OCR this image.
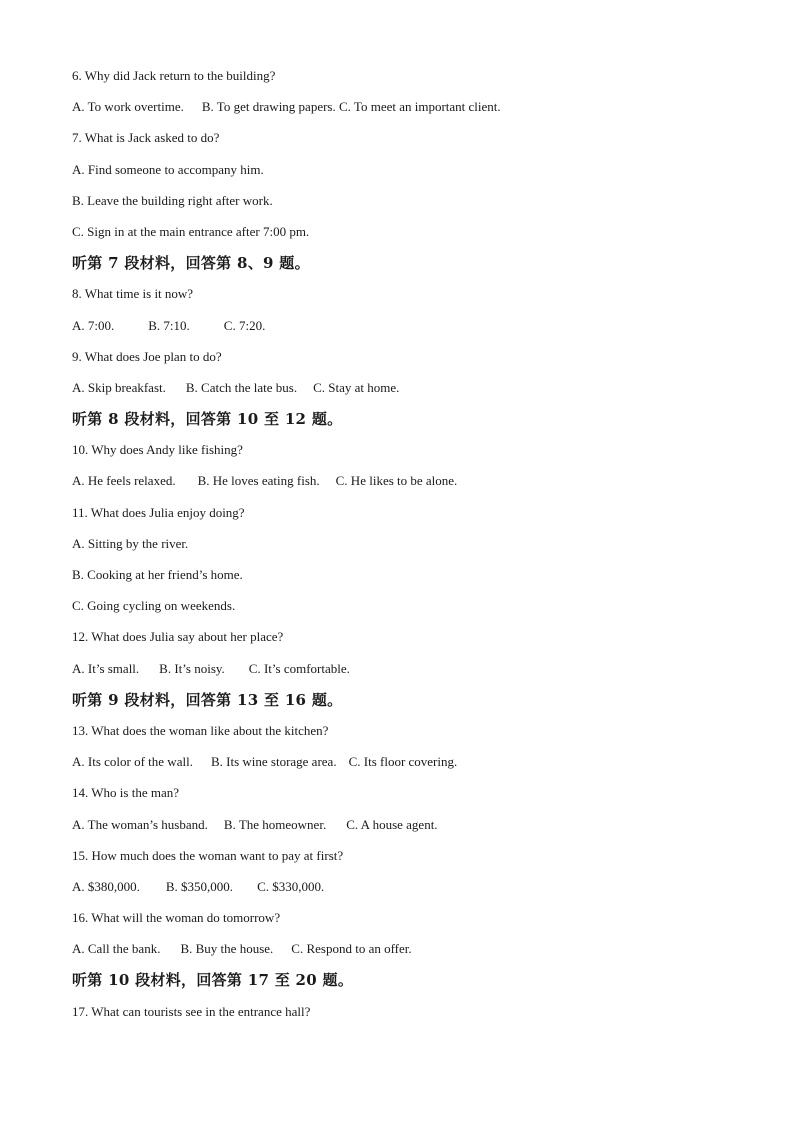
6. Why did Jack return to the building?
A. To work overtime. B. To get drawing papers. C. To meet an important client.
7. What is Jack asked to do?
A. Find someone to accompany him.
B. Leave the building right after work.
C. Sign in at the main entrance after 7:00 pm.
听第 7 段材料，回答第 8、9 题。
8. What time is it now?
A. 7:00.	B. 7:10.	C. 7:20.
9. What does Joe plan to do?
A. Skip breakfast. B. Catch the late bus. C. Stay at home.
听第 8 段材料，回答第 10 至 12 题。
10. Why does Andy like fishing?
A. He feels relaxed. B. He loves eating fish. C. He likes to be alone.
11. What does Julia enjoy doing?
A. Sitting by the river.
B. Cooking at her friend’s home.
C. Going cycling on weekends.
12. What does Julia say about her place?
A. It’s small. B. It’s noisy. C. It’s comfortable.
听第 9 段材料，回答第 13 至 16 题。
13. What does the woman like about the kitchen?
A. Its color of the wall. B. Its wine storage area. C. Its floor covering.
14. Who is the man?
A. The woman’s husband. B. The homeowner. C. A house agent.
15. How much does the woman want to pay at first?
A. $380,000. B. $350,000. C. $330,000.
16. What will the woman do tomorrow?
A. Call the bank. B. Buy the house. C. Respond to an offer.
听第 10 段材料，回答第 17 至 20 题。
17. What can tourists see in the entrance hall?
